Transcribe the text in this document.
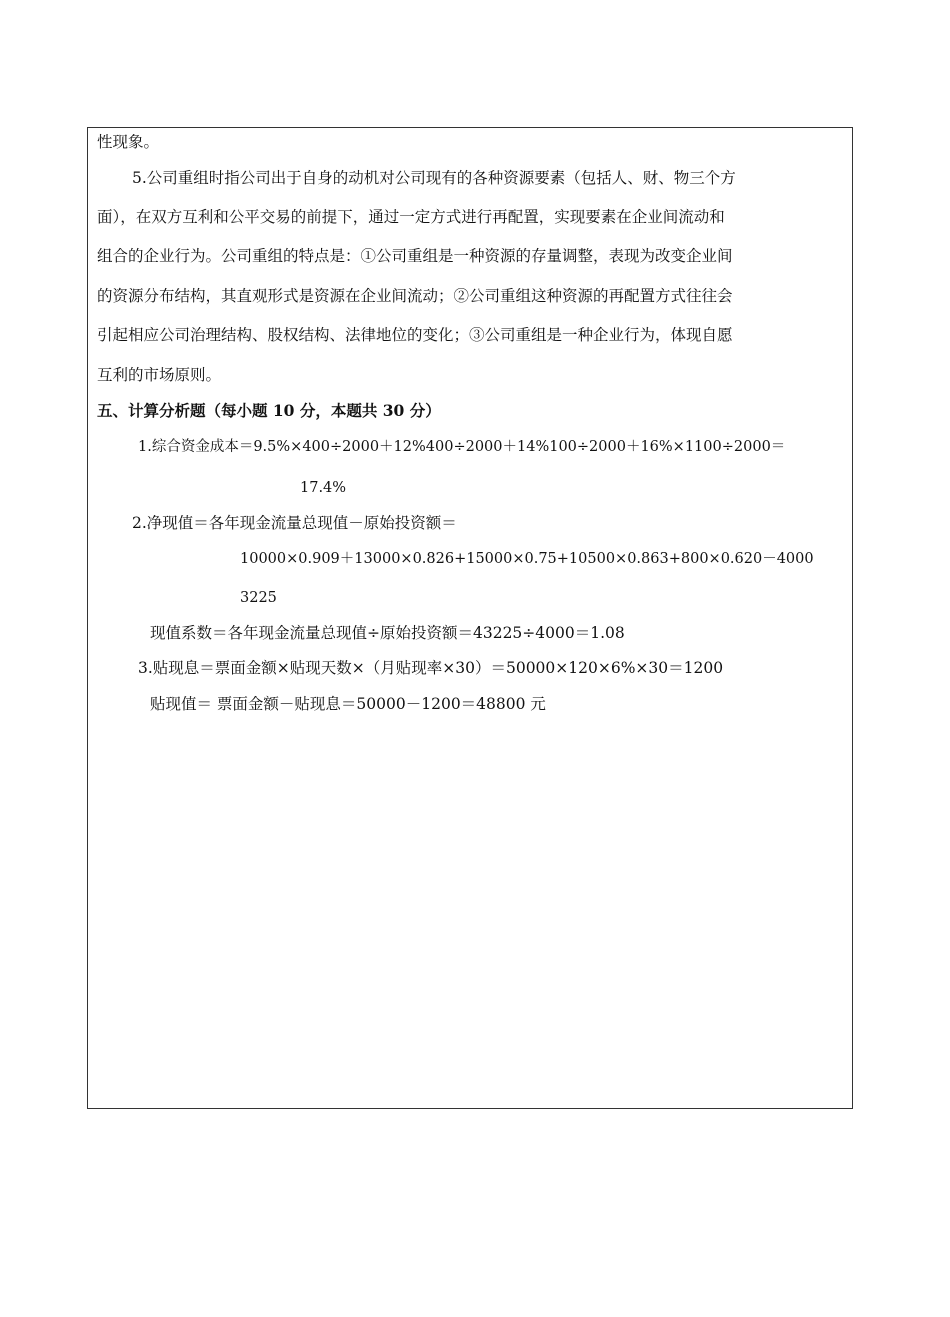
性现象。
5.公司重组时指公司出于自身的动机对公司现有的各种资源要素（包括人、财、物三个方
面），在双方互利和公平交易的前提下，通过一定方式进行再配置，实现要素在企业间流动和
组合的企业行为。公司重组的特点是：①公司重组是一种资源的存量调整，表现为改变企业间
的资源分布结构，其直观形式是资源在企业间流动；②公司重组这种资源的再配置方式往往会
引起相应公司治理结构、股权结构、法律地位的变化；③公司重组是一种企业行为，体现自愿
互利的市场原则。
五、计算分析题（每小题 10 分，本题共 30 分）
1.综合资金成本＝9.5%×400÷2000＋12%400÷2000＋14%100÷2000＋16%×1100÷2000＝
17.4%
2.净现值＝各年现金流量总现值－原始投资额＝
10000×0.909＋13000×0.826+15000×0.75+10500×0.863+800×0.620－4000
3225
现值系数＝各年现金流量总现值÷原始投资额＝43225÷4000＝1.08
3.贴现息＝票面金额×贴现天数×（月贴现率×30）＝50000×120×6%×30＝1200
贴现值＝ 票面金额－贴现息＝50000－1200＝48800 元
